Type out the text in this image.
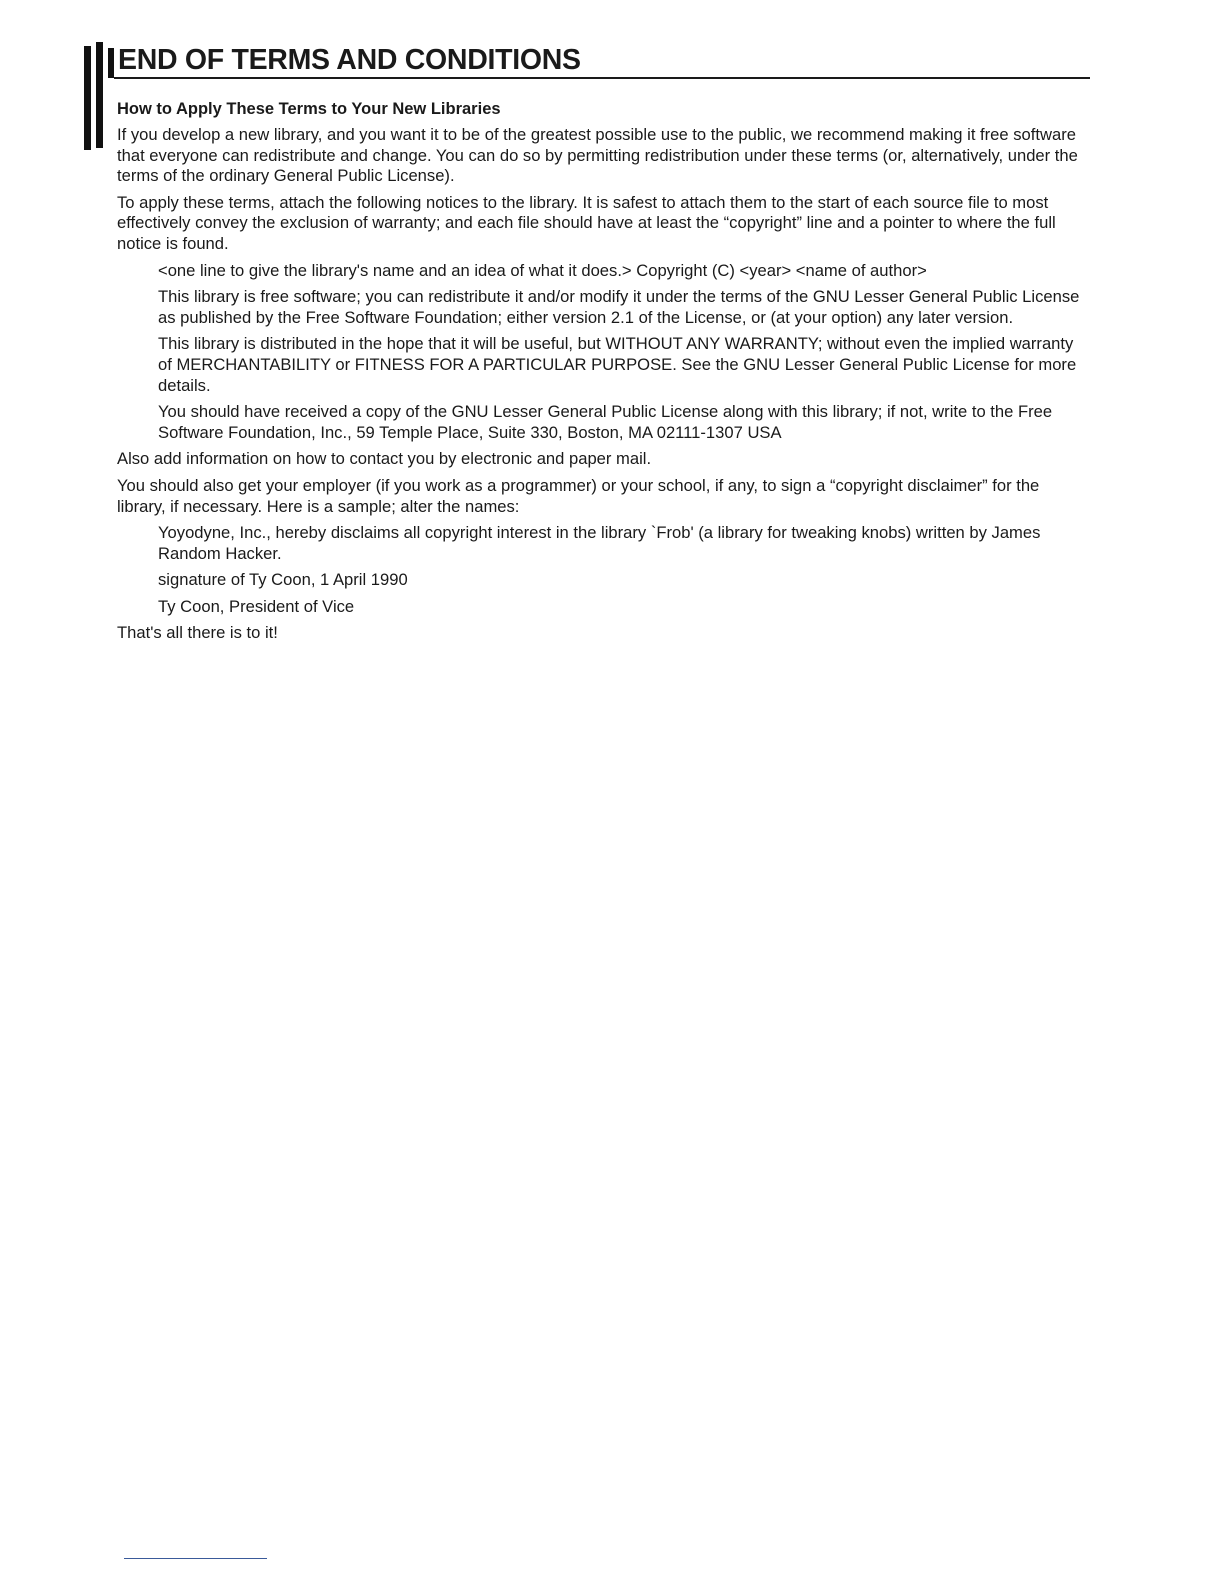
END OF TERMS AND CONDITIONS
How to Apply These Terms to Your New Libraries

If you develop a new library, and you want it to be of the greatest possible use to the public, we recommend making it free software that everyone can redistribute and change. You can do so by permitting redistribution under these terms (or, alternatively, under the terms of the ordinary General Public License).

To apply these terms, attach the following notices to the library. It is safest to attach them to the start of each source file to most effectively convey the exclusion of warranty; and each file should have at least the “copyright” line and a pointer to where the full notice is found.

<one line to give the library's name and an idea of what it does.> Copyright (C) <year> <name of author>

This library is free software; you can redistribute it and/or modify it under the terms of the GNU Lesser General Public License as published by the Free Software Foundation; either version 2.1 of the License, or (at your option) any later version.

This library is distributed in the hope that it will be useful, but WITHOUT ANY WARRANTY; without even the implied warranty of MERCHANTABILITY or FITNESS FOR A PARTICULAR PURPOSE. See the GNU Lesser General Public License for more details.

You should have received a copy of the GNU Lesser General Public License along with this library; if not, write to the Free Software Foundation, Inc., 59 Temple Place, Suite 330, Boston, MA 02111-1307 USA

Also add information on how to contact you by electronic and paper mail.

You should also get your employer (if you work as a programmer) or your school, if any, to sign a “copyright disclaimer” for the library, if necessary. Here is a sample; alter the names:

Yoyodyne, Inc., hereby disclaims all copyright interest in the library `Frob' (a library for tweaking knobs) written by James Random Hacker.

signature of Ty Coon, 1 April 1990

Ty Coon, President of Vice

That's all there is to it!
